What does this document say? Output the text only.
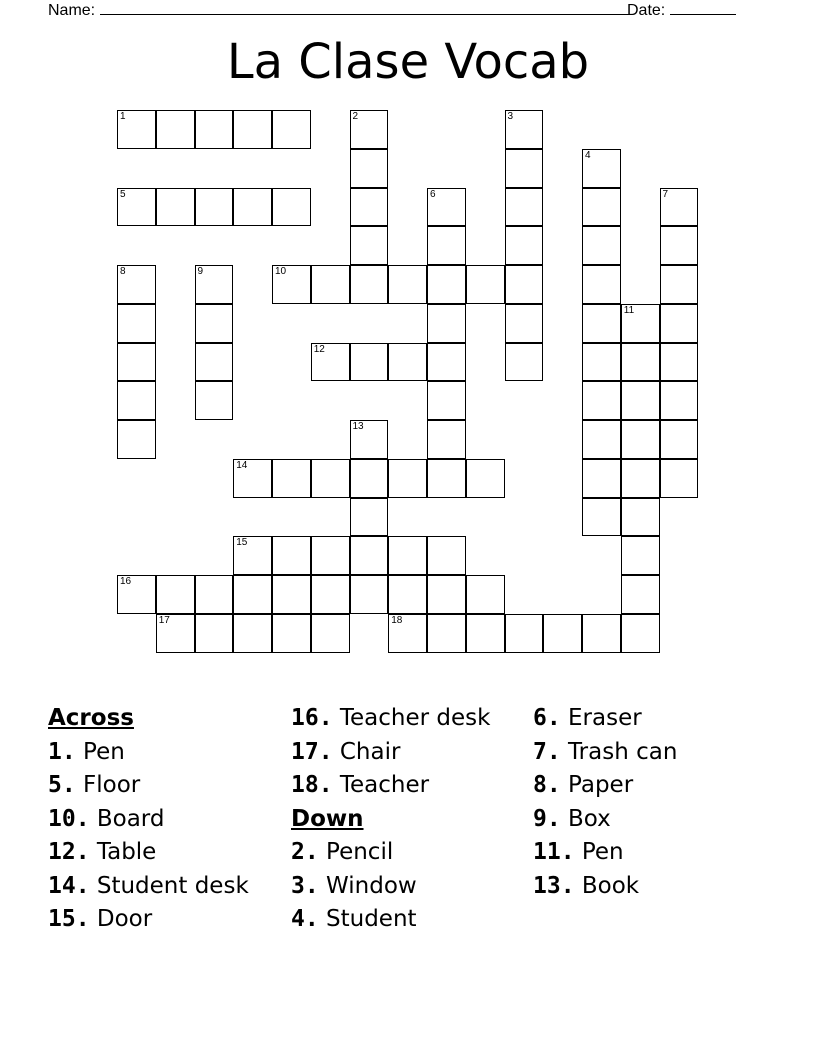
Name:	Date:
La Clase Vocab
1	2	3
4
5	6	7
8	9	10
11
12
13
14
15
16
17	18
Across
1. Pen
5. Floor
10. Board
12. Table
14. Student desk
15. Door
16. Teacher desk
17. Chair
18. Teacher
Down
2. Pencil
3. Window
4. Student
6. Eraser
7. Trash can
8. Paper
9. Box
11. Pen
13. Book
